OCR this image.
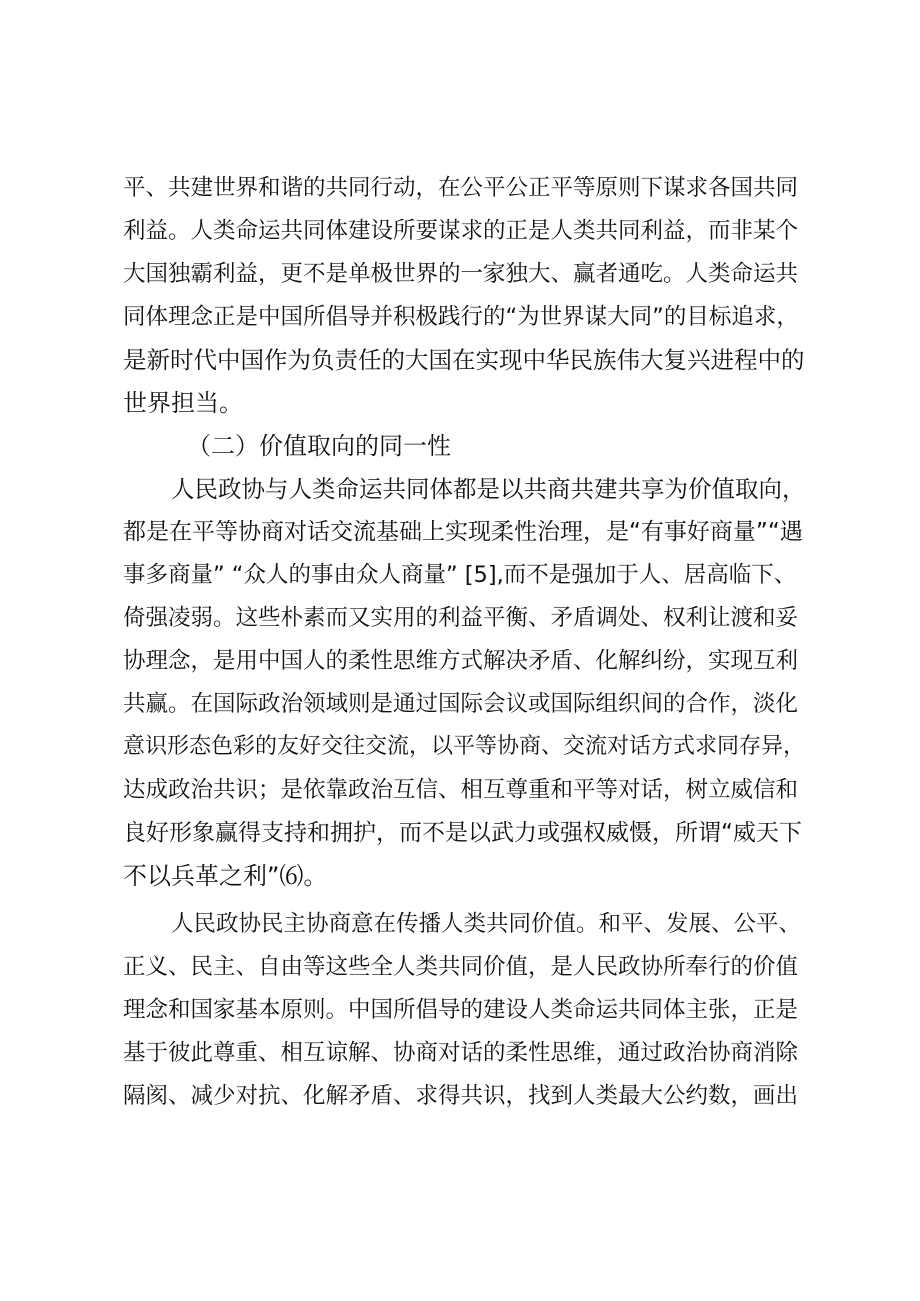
平、共建世界和谐的共同行动，在公平公正平等原则下谋求各国共同

利益。人类命运共同体建设所要谋求的正是人类共同利益，而非某个

大国独霸利益，更不是单极世界的一家独大、赢者通吃。人类命运共

同体理念正是中国所倡导并积极践行的“为世界谋大同”的目标追求，

是新时代中国作为负责任的大国在实现中华民族伟大复兴进程中的

世界担当。

（二）价值取向的同一性

人民政协与人类命运共同体都是以共商共建共享为价值取向，

都是在平等协商对话交流基础上实现柔性治理，是“有事好商量”“遇

事多商量” “众人的事由众人商量” [5],而不是强加于人、居高临下、

倚强凌弱。这些朴素而又实用的利益平衡、矛盾调处、权利让渡和妥

协理念，是用中国人的柔性思维方式解决矛盾、化解纠纷，实现互利

共赢。在国际政治领域则是通过国际会议或国际组织间的合作，淡化

意识形态色彩的友好交往交流，以平等协商、交流对话方式求同存异，

达成政治共识；是依靠政治互信、相互尊重和平等对话，树立威信和

良好形象赢得支持和拥护，而不是以武力或强权威慑，所谓“威天下

不以兵革之利”⑹。

人民政协民主协商意在传播人类共同价值。和平、发展、公平、

正义、民主、自由等这些全人类共同价值，是人民政协所奉行的价值

理念和国家基本原则。中国所倡导的建设人类命运共同体主张，正是

基于彼此尊重、相互谅解、协商对话的柔性思维，通过政治协商消除

隔阂、减少对抗、化解矛盾、求得共识，找到人类最大公约数，画出
